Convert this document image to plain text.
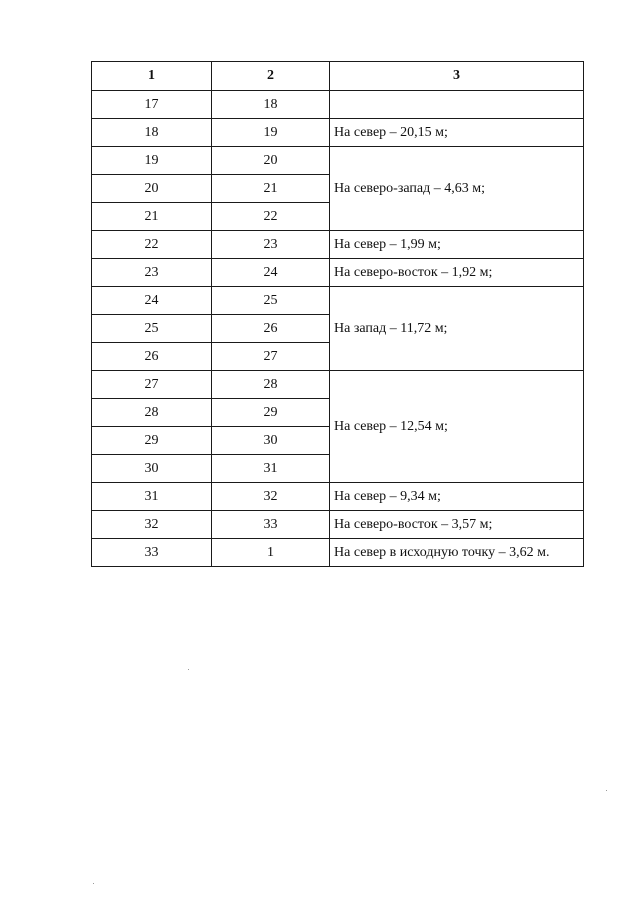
1	2	3
17	18	
18	19	На север – 20,15 м;
19	20	На северо-запад – 4,63 м;
20	21	
21	22	
22	23	На север – 1,99 м;
23	24	На северо-восток – 1,92 м;
24	25	На запад – 11,72 м;
25	26	
26	27	
27	28	На север – 12,54 м;
28	29	
29	30	
30	31	
31	32	На север – 9,34 м;
32	33	На северо-восток – 3,57 м;
33	1	На север в исходную точку – 3,62 м.
